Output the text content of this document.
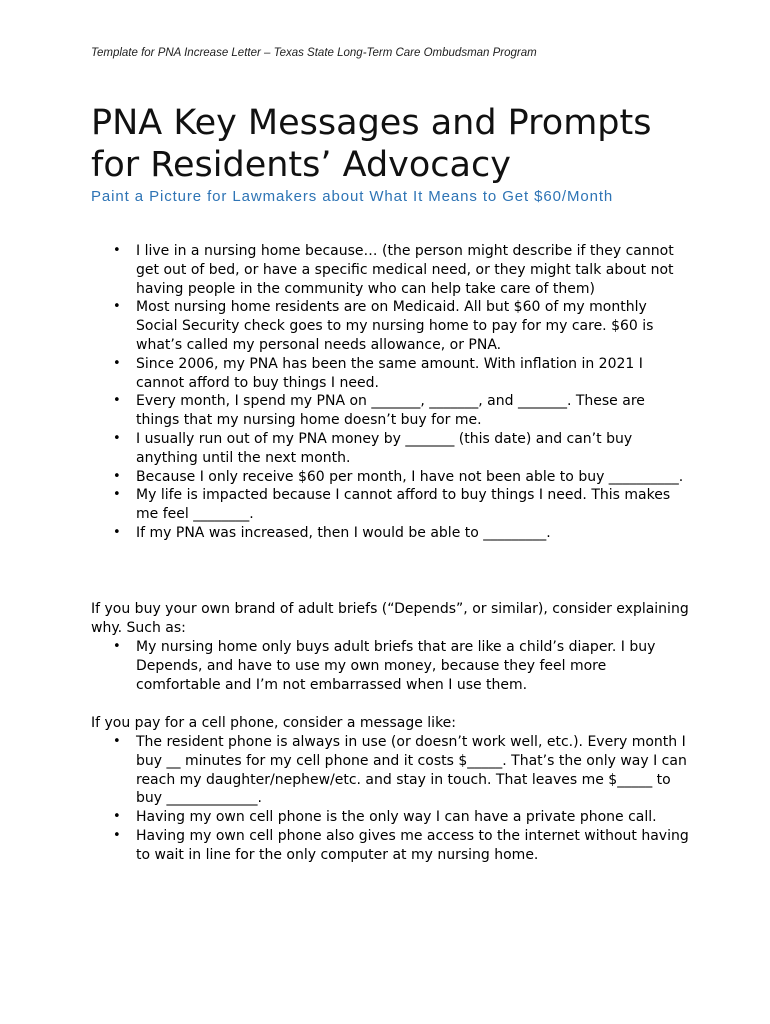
Template for PNA Increase Letter – Texas State Long-Term Care Ombudsman Program
PNA Key Messages and Prompts
for Residents’ Advocacy
Paint a Picture for Lawmakers about What It Means to Get $60/Month
• I live in a nursing home because… (the person might describe if they cannot get out of bed, or have a specific medical need, or they might talk about not having people in the community who can help take care of them)
• Most nursing home residents are on Medicaid. All but $60 of my monthly Social Security check goes to my nursing home to pay for my care. $60 is what’s called my personal needs allowance, or PNA.
• Since 2006, my PNA has been the same amount. With inflation in 2021 I cannot afford to buy things I need.
• Every month, I spend my PNA on _______, _______, and _______. These are things that my nursing home doesn’t buy for me.
• I usually run out of my PNA money by _______ (this date) and can’t buy anything until the next month.
• Because I only receive $60 per month, I have not been able to buy __________.
• My life is impacted because I cannot afford to buy things I need. This makes me feel ________.
• If my PNA was increased, then I would be able to _________.

If you buy your own brand of adult briefs (“Depends”, or similar), consider explaining why. Such as:

• My nursing home only buys adult briefs that are like a child’s diaper. I buy Depends, and have to use my own money, because they feel more comfortable and I’m not embarrassed when I use them.

If you pay for a cell phone, consider a message like:

• The resident phone is always in use (or doesn’t work well, etc.). Every month I buy __ minutes for my cell phone and it costs $_____. That’s the only way I can reach my daughter/nephew/etc. and stay in touch. That leaves me $_____ to buy _____________.
• Having my own cell phone is the only way I can have a private phone call.
• Having my own cell phone also gives me access to the internet without having to wait in line for the only computer at my nursing home.
